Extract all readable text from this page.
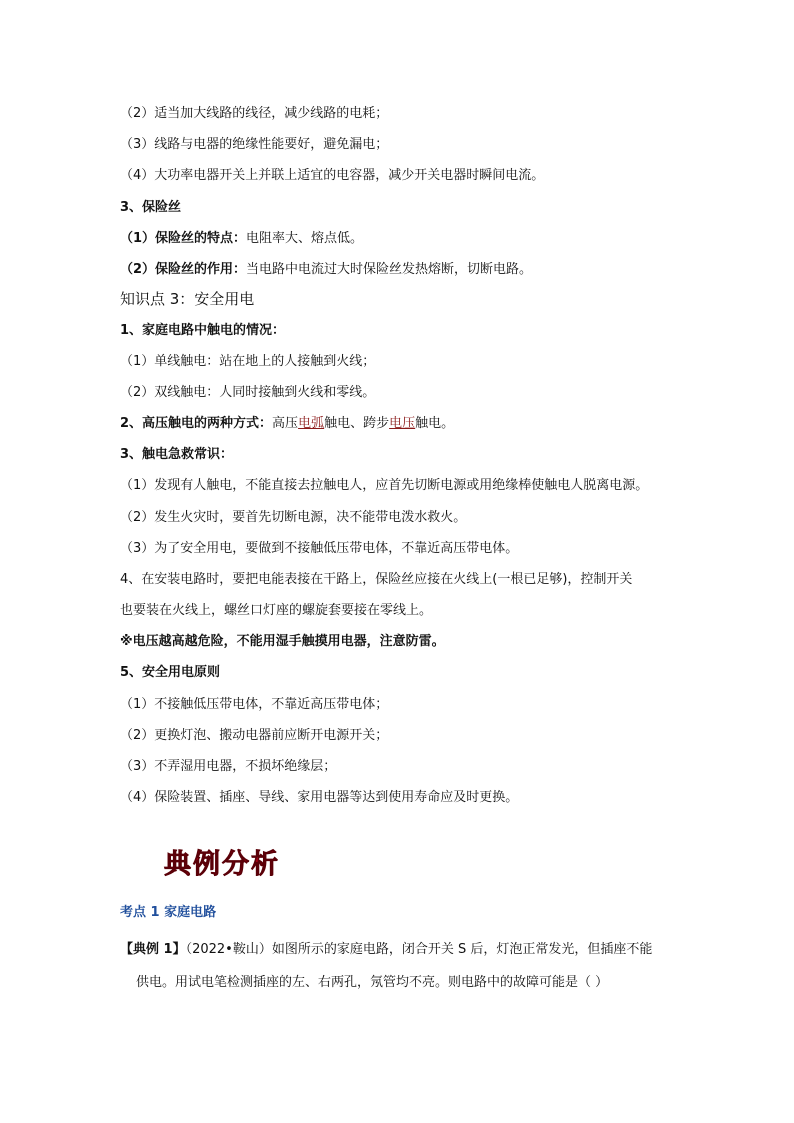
（2）适当加大线路的线径，减少线路的电耗；
（3）线路与电器的绝缘性能要好，避免漏电；
（4）大功率电器开关上并联上适宜的电容器，减少开关电器时瞬间电流。
3、保险丝
（1）保险丝的特点：电阻率大、熔点低。
（2）保险丝的作用：当电路中电流过大时保险丝发热熔断，切断电路。
知识点 3：安全用电
1、家庭电路中触电的情况：
（1）单线触电：站在地上的人接触到火线；
（2）双线触电：人同时接触到火线和零线。
2、高压触电的两种方式：高压电弧触电、跨步电压触电。
3、触电急救常识：
（1）发现有人触电，不能直接去拉触电人，应首先切断电源或用绝缘棒使触电人脱离电源。
（2）发生火灾时，要首先切断电源，决不能带电泼水救火。
（3）为了安全用电，要做到不接触低压带电体，不靠近高压带电体。
4、在安装电路时，要把电能表接在干路上，保险丝应接在火线上(一根已足够)，控制开关
也要装在火线上，螺丝口灯座的螺旋套要接在零线上。
※电压越高越危险，不能用湿手触摸用电器，注意防雷。
5、安全用电原则
（1）不接触低压带电体，不靠近高压带电体；
（2）更换灯泡、搬动电器前应断开电源开关；
（3）不弄湿用电器，不损坏绝缘层；
（4）保险装置、插座、导线、家用电器等达到使用寿命应及时更换。
典例分析
考点 1 家庭电路
【典例 1】（2022•鞍山）如图所示的家庭电路，闭合开关 S 后，灯泡正常发光，但插座不能
供电。用试电笔检测插座的左、右两孔，氖管均不亮。则电路中的故障可能是（ ）
